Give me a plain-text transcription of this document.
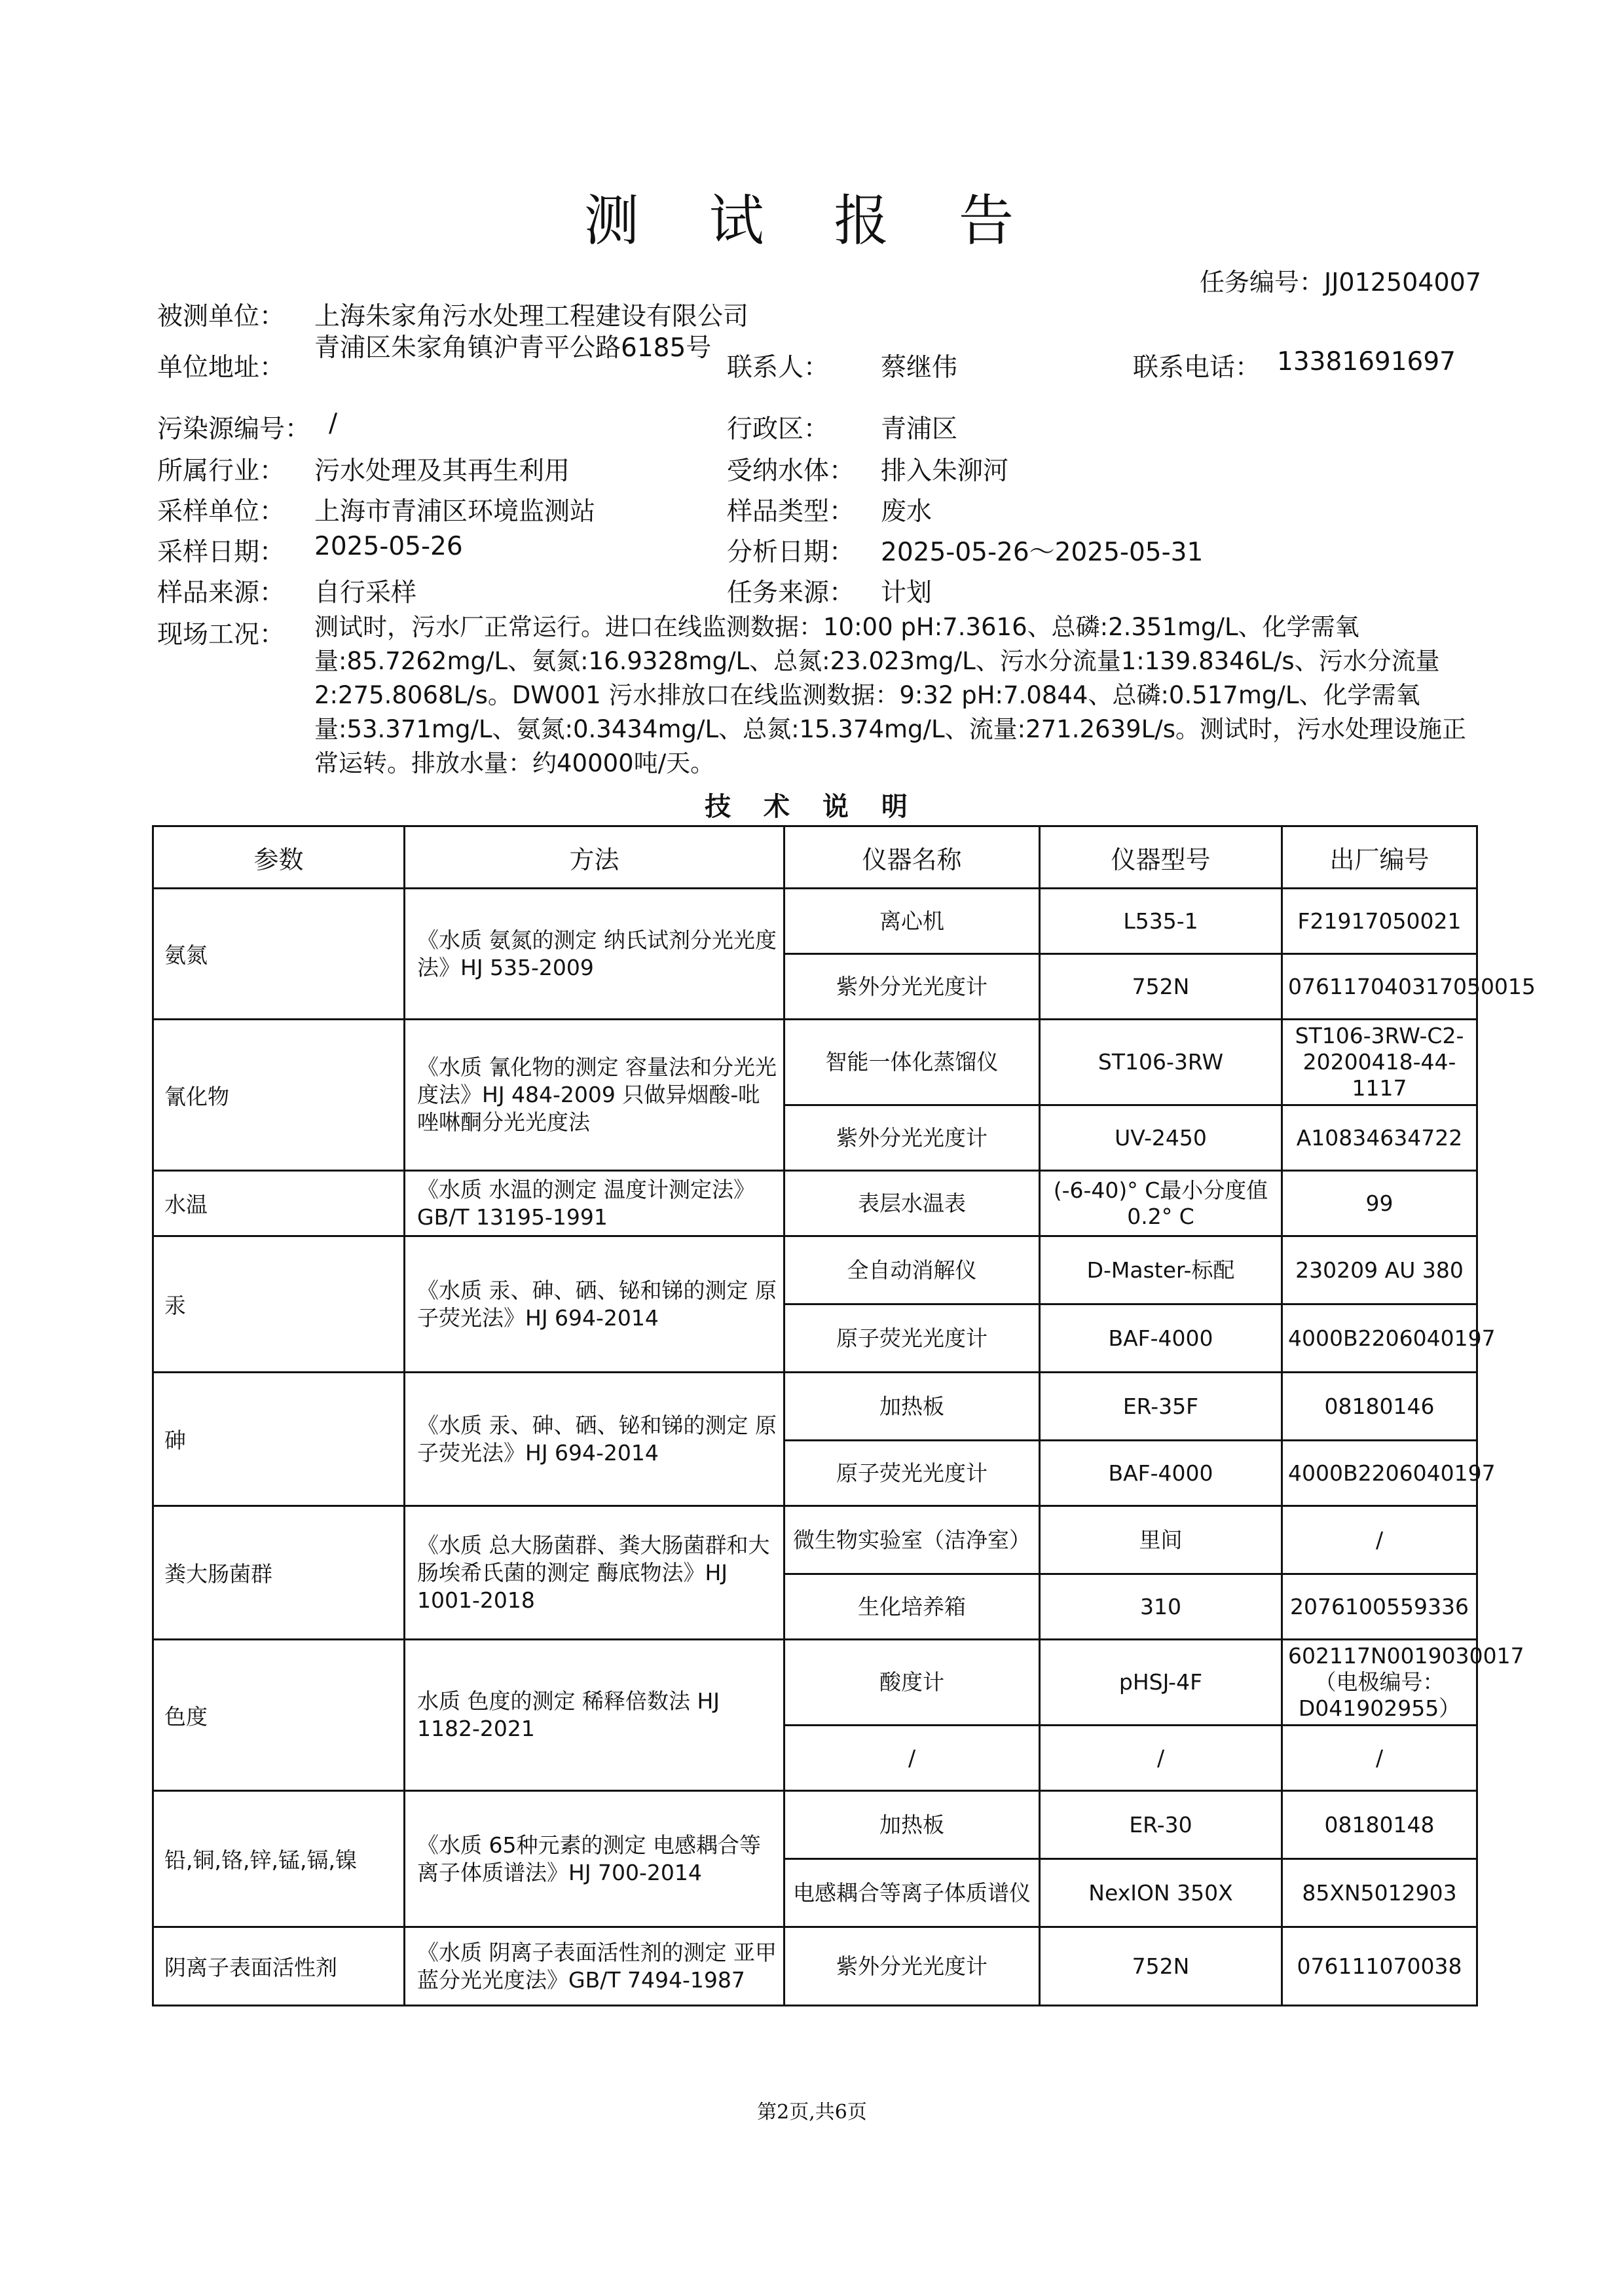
测 试 报 告
任务编号：JJ012504007
被测单位： 上海朱家角污水处理工程建设有限公司
单位地址：
青浦区朱家角镇沪青平公路6185号
联系人： 蔡继伟	联系电话： 13381691697
污染源编号： /	行政区： 青浦区
所属行业： 污水处理及其再生利用	受纳水体： 排入朱泖河
采样单位： 上海市青浦区环境监测站	样品类型： 废水
采样日期： 2025-05-26	分析日期： 2025-05-26～2025-05-31
样品来源： 自行采样	任务来源： 计划
现场工况： 测试时，污水厂正常运行。进口在线监测数据：10:00 pH:7.3616、总磷:2.351mg/L、化学需氧量:85.7262mg/L、氨氮:16.9328mg/L、总氮:23.023mg/L、污水分流量1:139.8346L/s、污水分流量2:275.8068L/s。DW001 污水排放口在线监测数据：9:32 pH:7.0844、总磷:0.517mg/L、化学需氧量:53.371mg/L、氨氮:0.3434mg/L、总氮:15.374mg/L、流量:271.2639L/s。测试时，污水处理设施正常运转。排放水量：约40000吨/天。
技 术 说 明
参数	方法	仪器名称	仪器型号	出厂编号
氨氮	《水质 氨氮的测定 纳氏试剂分光光度法》HJ 535-2009	离心机	L535-1	F21917050021
		紫外分光光度计	752N	076117040317050015
氰化物	《水质 氰化物的测定 容量法和分光光度法》HJ 484-2009 只做异烟酸-吡唑啉酮分光光度法	智能一体化蒸馏仪	ST106-3RW	ST106-3RW-C2-20200418-44-1117
		紫外分光光度计	UV-2450	A10834634722
水温	《水质 水温的测定 温度计测定法》GB/T 13195-1991	表层水温表	(-6-40)° C最小分度值0.2° C	99
汞	《水质 汞、砷、硒、铋和锑的测定 原子荧光法》HJ 694-2014	全自动消解仪	D-Master-标配	230209 AU 380
		原子荧光光度计	BAF-4000	4000B2206040197
砷	《水质 汞、砷、硒、铋和锑的测定 原子荧光法》HJ 694-2014	加热板	ER-35F	08180146
		原子荧光光度计	BAF-4000	4000B2206040197
粪大肠菌群	《水质 总大肠菌群、粪大肠菌群和大肠埃希氏菌的测定 酶底物法》HJ 1001-2018	微生物实验室（洁净室）	里间	/
		生化培养箱	310	2076100559336
色度	水质 色度的测定 稀释倍数法 HJ 1182-2021	酸度计	pHSJ-4F	602117N0019030017（电极编号：D041902955）
		/	/	/
铅,铜,铬,锌,锰,镉,镍	《水质 65种元素的测定 电感耦合等离子体质谱法》HJ 700-2014	加热板	ER-30	08180148
		电感耦合等离子体质谱仪	NexION 350X	85XN5012903
阴离子表面活性剂	《水质 阴离子表面活性剂的测定 亚甲蓝分光光度法》GB/T 7494-1987	紫外分光光度计	752N	076111070038
第2页,共6页
